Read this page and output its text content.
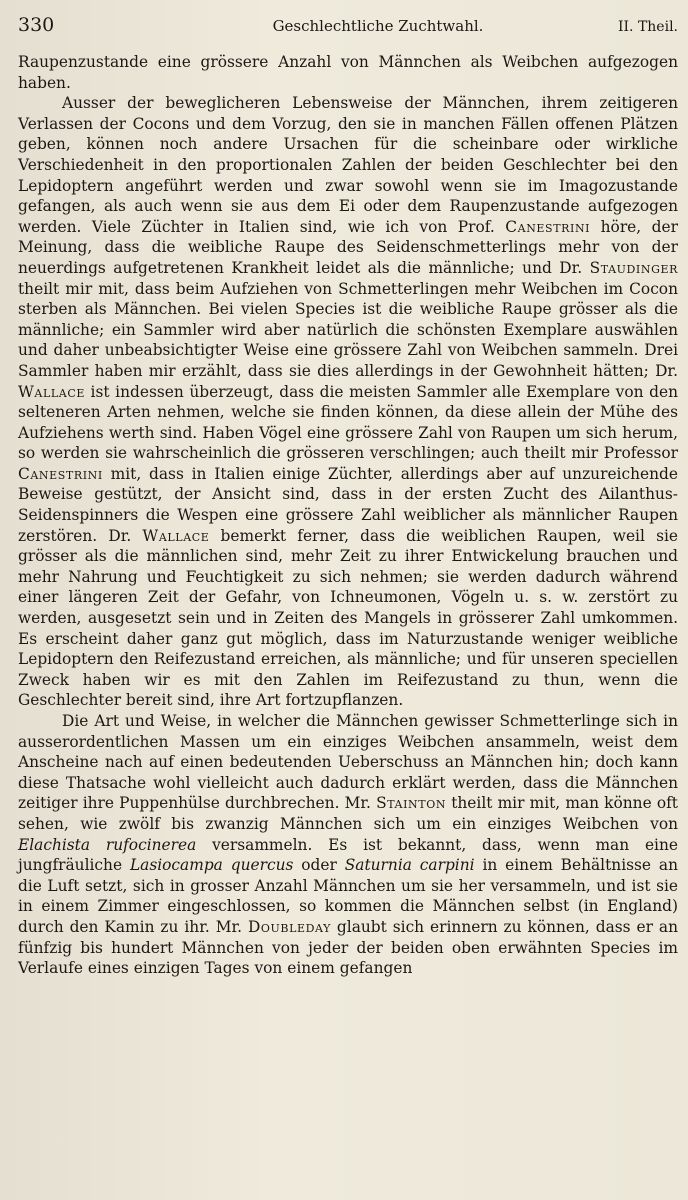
330	Geschlechtliche Zuchtwahl.	II. Theil.

Raupenzustande eine grössere Anzahl von Männchen als Weibchen aufgezogen haben.

Ausser der beweglicheren Lebensweise der Männchen, ihrem zeitigeren Verlassen der Cocons und dem Vorzug, den sie in manchen Fällen offenen Plätzen geben, können noch andere Ursachen für die scheinbare oder wirkliche Verschiedenheit in den proportionalen Zahlen der beiden Geschlechter bei den Lepidoptern angeführt werden und zwar sowohl wenn sie im Imagozustande gefangen, als auch wenn sie aus dem Ei oder dem Raupenzustande aufgezogen werden. Viele Züchter in Italien sind, wie ich von Prof. Canestrini höre, der Meinung, dass die weibliche Raupe des Seidenschmetterlings mehr von der neuerdings aufgetretenen Krankheit leidet als die männliche; und Dr. Staudinger theilt mir mit, dass beim Aufziehen von Schmetterlingen mehr Weibchen im Cocon sterben als Männchen. Bei vielen Species ist die weibliche Raupe grösser als die männliche; ein Sammler wird aber natürlich die schönsten Exemplare auswählen und daher unbeabsichtigter Weise eine grössere Zahl von Weibchen sammeln. Drei Sammler haben mir erzählt, dass sie dies allerdings in der Gewohnheit hätten; Dr. Wallace ist indessen überzeugt, dass die meisten Sammler alle Exemplare von den selteneren Arten nehmen, welche sie finden können, da diese allein der Mühe des Aufziehens werth sind. Haben Vögel eine grössere Zahl von Raupen um sich herum, so werden sie wahrscheinlich die grösseren verschlingen; auch theilt mir Professor Canestrini mit, dass in Italien einige Züchter, allerdings aber auf unzureichende Beweise gestützt, der Ansicht sind, dass in der ersten Zucht des Ailanthus-Seidenspinners die Wespen eine grössere Zahl weiblicher als männlicher Raupen zerstören. Dr. Wallace bemerkt ferner, dass die weiblichen Raupen, weil sie grösser als die männlichen sind, mehr Zeit zu ihrer Entwickelung brauchen und mehr Nahrung und Feuchtigkeit zu sich nehmen; sie werden dadurch während einer längeren Zeit der Gefahr, von Ichneumonen, Vögeln u. s. w. zerstört zu werden, ausgesetzt sein und in Zeiten des Mangels in grösserer Zahl umkommen. Es erscheint daher ganz gut möglich, dass im Naturzustande weniger weibliche Lepidoptern den Reifezustand erreichen, als männliche; und für unseren speciellen Zweck haben wir es mit den Zahlen im Reifezustand zu thun, wenn die Geschlechter bereit sind, ihre Art fortzupflanzen.

Die Art und Weise, in welcher die Männchen gewisser Schmetterlinge sich in ausserordentlichen Massen um ein einziges Weibchen ansammeln, weist dem Anscheine nach auf einen bedeutenden Ueberschuss an Männchen hin; doch kann diese Thatsache wohl vielleicht auch dadurch erklärt werden, dass die Männchen zeitiger ihre Puppenhülse durchbrechen. Mr. Stainton theilt mir mit, man könne oft sehen, wie zwölf bis zwanzig Männchen sich um ein einziges Weibchen von Elachista rufocinerea versammeln. Es ist bekannt, dass, wenn man eine jungfräuliche Lasiocampa quercus oder Saturnia carpini in einem Behältnisse an die Luft setzt, sich in grosser Anzahl Männchen um sie her versammeln, und ist sie in einem Zimmer eingeschlossen, so kommen die Männchen selbst (in England) durch den Kamin zu ihr. Mr. Doubleday glaubt sich erinnern zu können, dass er an fünfzig bis hundert Männchen von jeder der beiden oben erwähnten Species im Verlaufe eines einzigen Tages von einem gefangen
